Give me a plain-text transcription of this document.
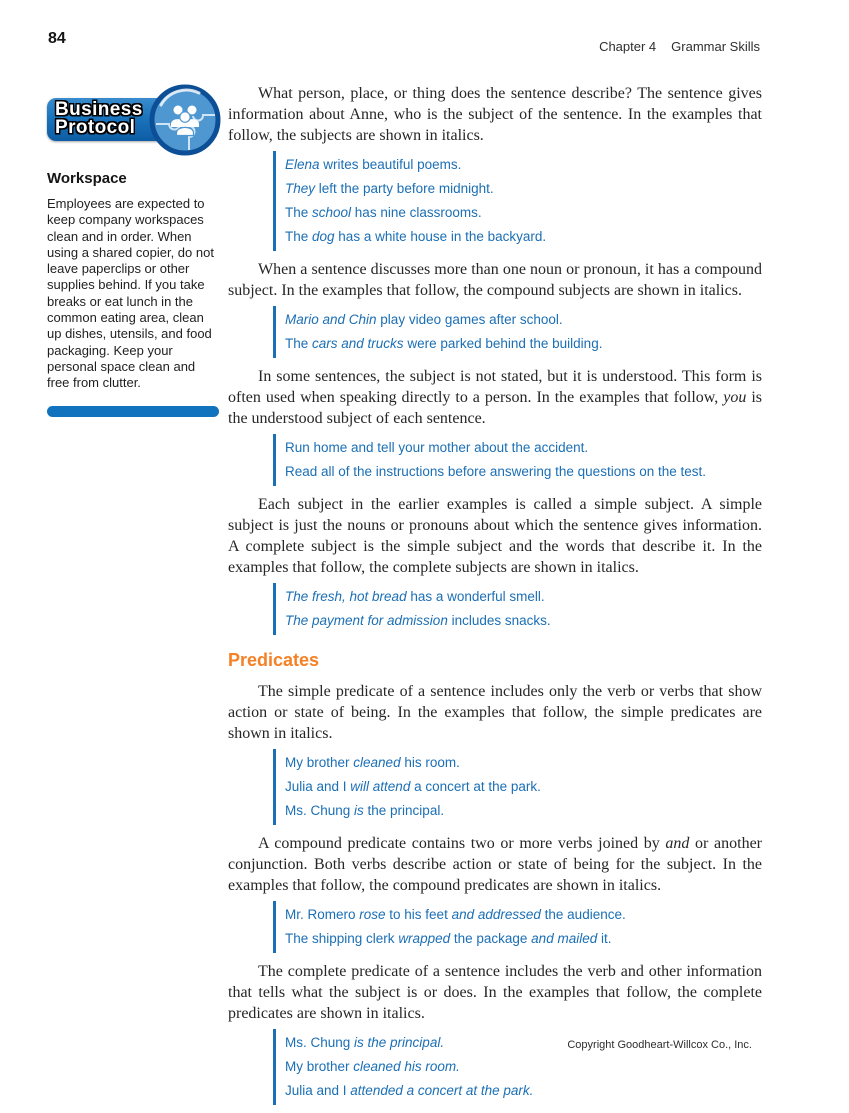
84	Chapter 4 Grammar Skills
Business
Protocol
Workspace
Employees are expected to keep company workspaces clean and in order. When using a shared copier, do not leave paperclips or other supplies behind. If you take breaks or eat lunch in the common eating area, clean up dishes, utensils, and food packaging. Keep your personal space clean and free from clutter.

What person, place, or thing does the sentence describe? The sentence gives information about Anne, who is the subject of the sentence. In the examples that follow, the subjects are shown in italics.

Elena writes beautiful poems.
They left the party before midnight.
The school has nine classrooms.
The dog has a white house in the backyard.

When a sentence discusses more than one noun or pronoun, it has a compound subject. In the examples that follow, the compound subjects are shown in italics.

Mario and Chin play video games after school.
The cars and trucks were parked behind the building.

In some sentences, the subject is not stated, but it is understood. This form is often used when speaking directly to a person. In the examples that follow, you is the understood subject of each sentence.

Run home and tell your mother about the accident.
Read all of the instructions before answering the questions on the test.

Each subject in the earlier examples is called a simple subject. A simple subject is just the nouns or pronouns about which the sentence gives information. A complete subject is the simple subject and the words that describe it. In the examples that follow, the complete subjects are shown in italics.

The fresh, hot bread has a wonderful smell.
The payment for admission includes snacks.
Predicates

The simple predicate of a sentence includes only the verb or verbs that show action or state of being. In the examples that follow, the simple predicates are shown in italics.

My brother cleaned his room.
Julia and I will attend a concert at the park.
Ms. Chung is the principal.

A compound predicate contains two or more verbs joined by and or another conjunction. Both verbs describe action or state of being for the subject. In the examples that follow, the compound predicates are shown in italics.

Mr. Romero rose to his feet and addressed the audience.
The shipping clerk wrapped the package and mailed it.

The complete predicate of a sentence includes the verb and other information that tells what the subject is or does. In the examples that follow, the complete predicates are shown in italics.

Ms. Chung is the principal.
My brother cleaned his room.
Julia and I attended a concert at the park.
Copyright Goodheart-Willcox Co., Inc.
